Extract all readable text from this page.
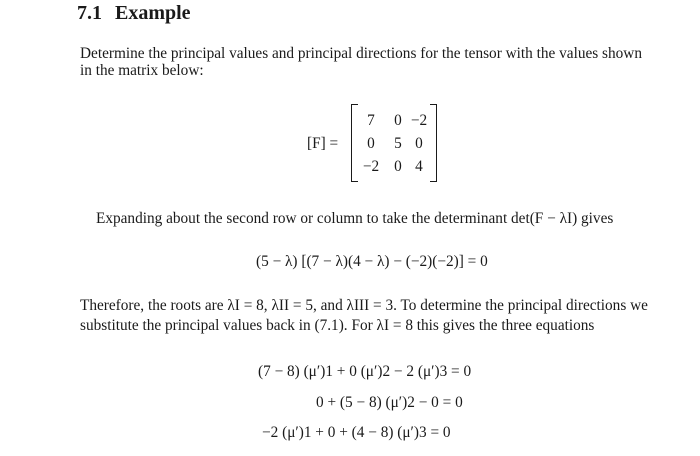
7.1 Example
Determine the principal values and principal directions for the tensor with the values shown
in the matrix below:
[F] =
7	0 −2
0	5 0
−2 0 4
Expanding about the second row or column to take the determinant det(F − λI) gives
(5 − λ) [(7 − λ)(4 − λ) − (−2)(−2)] = 0
Therefore, the roots are λI = 8, λII = 5, and λIII = 3. To determine the principal directions we
substitute the principal values back in (7.1). For λI = 8 this gives the three equations
(7 − 8) (μ′)1 + 0 (μ′)2 − 2 (μ′)3 = 0
0 + (5 − 8) (μ′)2 − 0 = 0
−2 (μ′)1 + 0 + (4 − 8) (μ′)3 = 0
